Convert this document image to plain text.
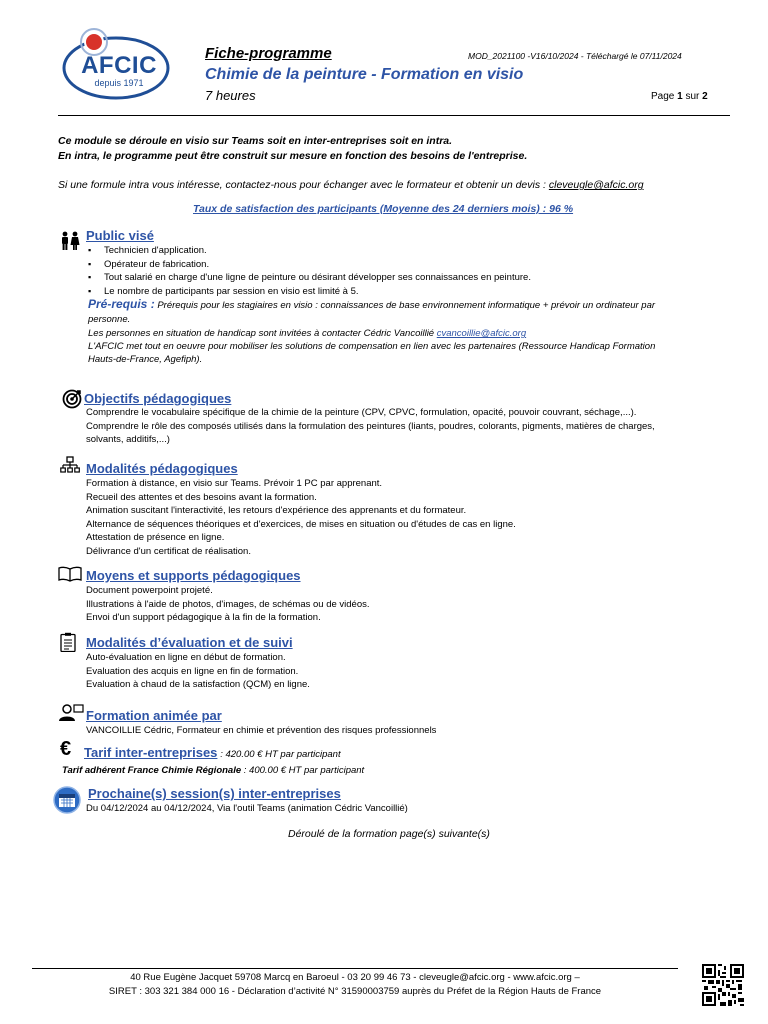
AFCIC
depuis 1971
Fiche-programme	MOD_2021100 -V16/10/2024 - Téléchargé le 07/11/2024
Chimie de la peinture - Formation en visio
7 heures	Page 1 sur 2
Ce module se déroule en visio sur Teams soit en inter-entreprises soit en intra.
En intra, le programme peut être construit sur mesure en fonction des besoins de l'entreprise.
Si une formule intra vous intéresse, contactez-nous pour échanger avec le formateur et obtenir un devis : cleveugle@afcic.org
Taux de satisfaction des participants (Moyenne des 24 derniers mois) : 96 %
Public visé
▪ Technicien d'application.
▪ Opérateur de fabrication.
▪ Tout salarié en charge d'une ligne de peinture ou désirant développer ses connaissances en peinture.
▪ Le nombre de participants par session en visio est limité à 5.
Pré-requis : Prérequis pour les stagiaires en visio : connaissances de base environnement informatique + prévoir un ordinateur par
personne.
Les personnes en situation de handicap sont invitées à contacter Cédric Vancoillié cvancoillie@afcic.org
L'AFCIC met tout en oeuvre pour mobiliser les solutions de compensation en lien avec les partenaires (Ressource Handicap Formation
Hauts-de-France, Agefiph).
Objectifs pédagogiques
Comprendre le vocabulaire spécifique de la chimie de la peinture (CPV, CPVC, formulation, opacité, pouvoir couvrant, séchage,...).
Comprendre le rôle des composés utilisés dans la formulation des peintures (liants, poudres, colorants, pigments, matières de charges,
solvants, additifs,...)
Modalités pédagogiques
Formation à distance, en visio sur Teams. Prévoir 1 PC par apprenant.
Recueil des attentes et des besoins avant la formation.
Animation suscitant l'interactivité, les retours d'expérience des apprenants et du formateur.
Alternance de séquences théoriques et d'exercices, de mises en situation ou d'études de cas en ligne.
Attestation de présence en ligne.
Délivrance d'un certificat de réalisation.
Moyens et supports pédagogiques
Document powerpoint projeté.
Illustrations à l'aide de photos, d'images, de schémas ou de vidéos.
Envoi d'un support pédagogique à la fin de la formation.
Modalités d’évaluation et de suivi
Auto-évaluation en ligne en début de formation.
Evaluation des acquis en ligne en fin de formation.
Evaluation à chaud de la satisfaction (QCM) en ligne.
Formation animée par
VANCOILLIE Cédric, Formateur en chimie et prévention des risques professionnels
€ Tarif inter-entreprises : 420.00 € HT par participant
Tarif adhérent France Chimie Régionale : 400.00 € HT par participant
Prochaine(s) session(s) inter-entreprises
Du 04/12/2024 au 04/12/2024, Via l'outil Teams (animation Cédric Vancoillié)
Déroulé de la formation page(s) suivante(s)
40 Rue Eugène Jacquet 59708 Marcq en Baroeul - 03 20 99 46 73 - cleveugle@afcic.org - www.afcic.org –
SIRET : 303 321 384 000 16 - Déclaration d’activité N° 31590003759 auprès du Préfet de la Région Hauts de France
